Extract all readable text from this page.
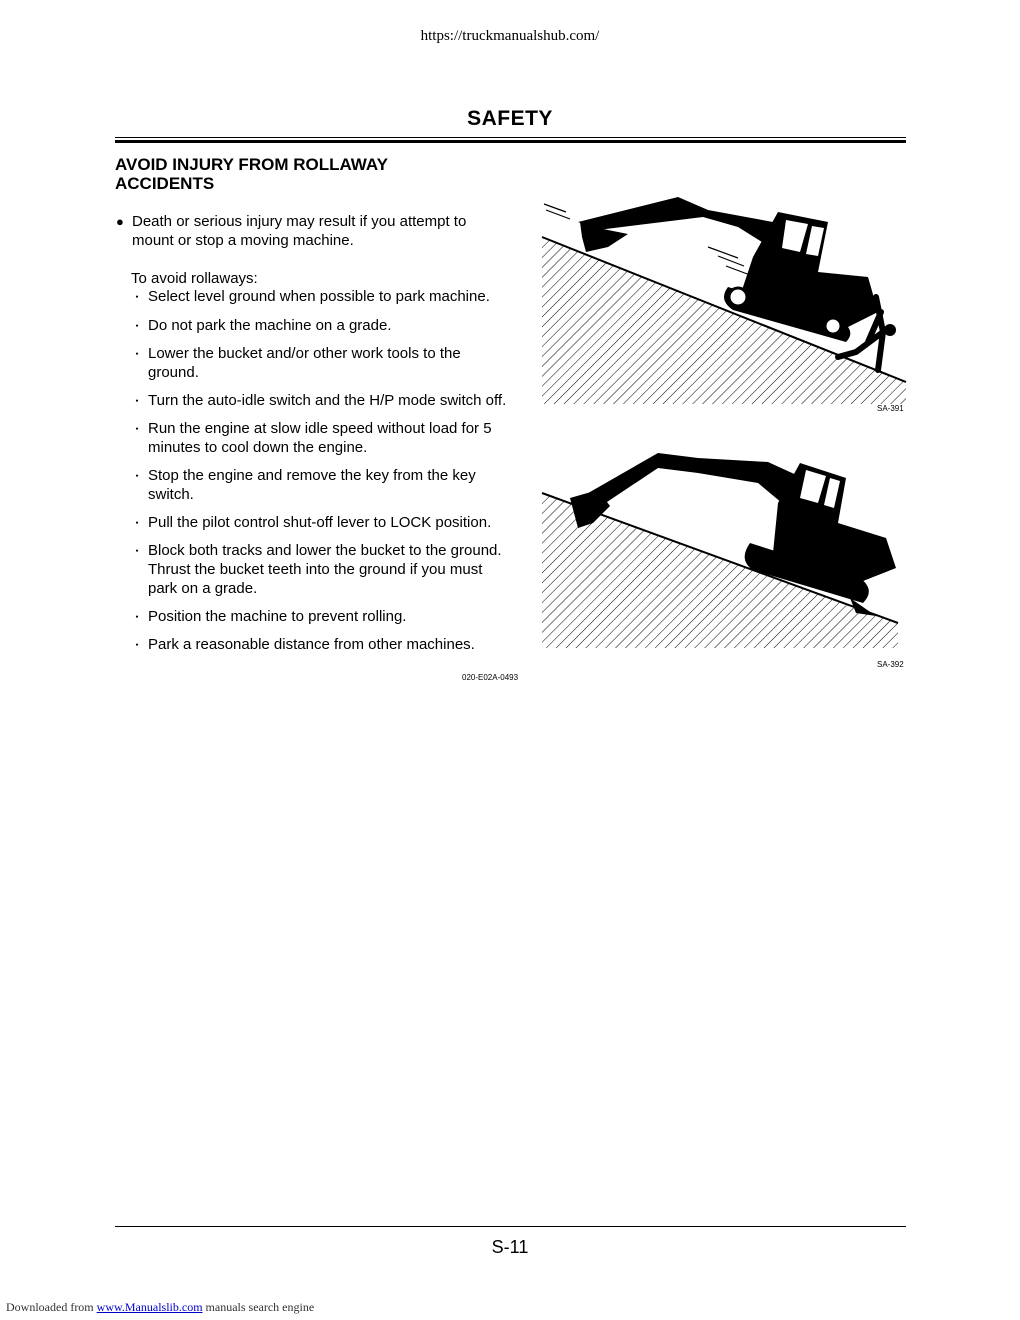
https://truckmanualshub.com/
SAFETY
AVOID INJURY FROM ROLLAWAY
ACCIDENTS
● Death or serious injury may result if you attempt to
mount or stop a moving machine.
To avoid rollaways:
･ Select level ground when possible to park machine.
･ Do not park the machine on a grade.
･ Lower the bucket and/or other work tools to the
ground.
･ Turn the auto-idle switch and the H/P mode switch off.
･ Run the engine at slow idle speed without load for 5
minutes to cool down the engine.
･ Stop the engine and remove the key from the key
switch.
･ Pull the pilot control shut-off lever to LOCK position.
･ Block both tracks and lower the bucket to the ground.
Thrust the bucket teeth into the ground if you must
park on a grade.
･ Position the machine to prevent rolling.
･ Park a reasonable distance from other machines.
020-E02A-0493
SA-391
SA-392
S-11
Downloaded from www.Manualslib.com manuals search engine
